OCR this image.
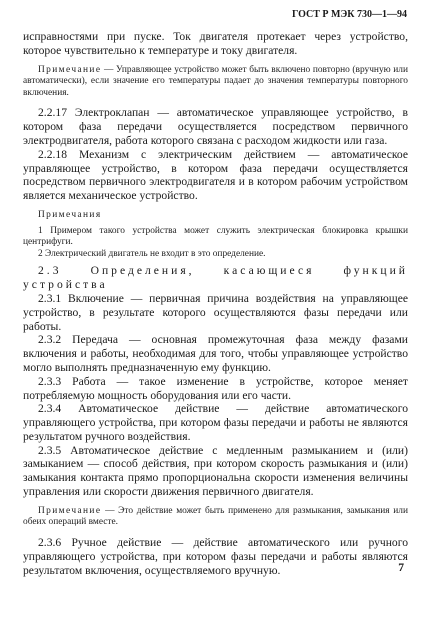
ГОСТ Р МЭК 730—1—94

исправностями при пуске. Ток двигателя протекает через устройство, которое чувствительно к температуре и току двигателя.

Примечание — Управляющее устройство может быть включено повторно (вручную или автоматически), если значение его температуры падает до значения температуры повторного включения.

2.2.17 Электроклапан — автоматическое управляющее устройство, в котором фаза передачи осуществляется посредством первичного электродвигателя, работа которого связана с расходом жидкости или газа.

2.2.18 Механизм с электрическим действием — автоматическое управляющее устройство, в котором фаза передачи осуществляется посредством первичного электродвигателя и в котором рабочим устройством является механическое устройство.

Примечания

1 Примером такого устройства может служить электрическая блокировка крышки центрифуги.

2 Электрический двигатель не входит в это определение.

2.3 Определения, касающиеся функций устройства

2.3.1 Включение — первичная причина воздействия на управляющее устройство, в результате которого осуществляются фазы передачи или работы.

2.3.2 Передача — основная промежуточная фаза между фазами включения и работы, необходимая для того, чтобы управляющее устройство могло выполнять предназначенную ему функцию.

2.3.3 Работа — такое изменение в устройстве, которое меняет потребляемую мощность оборудования или его части.

2.3.4 Автоматическое действие — действие автоматического управляющего устройства, при котором фазы передачи и работы не являются результатом ручного воздействия.

2.3.5 Автоматическое действие с медленным размыканием и (или) замыканием — способ действия, при котором скорость размыкания и (или) замыкания контакта прямо пропорциональна скорости изменения величины управления или скорости движения первичного двигателя.

Примечание — Это действие может быть применено для размыкания, замыкания или обеих операций вместе.

2.3.6 Ручное действие — действие автоматического или ручного управляющего устройства, при котором фазы передачи и работы являются результатом включения, осуществляемого вручную.	7
